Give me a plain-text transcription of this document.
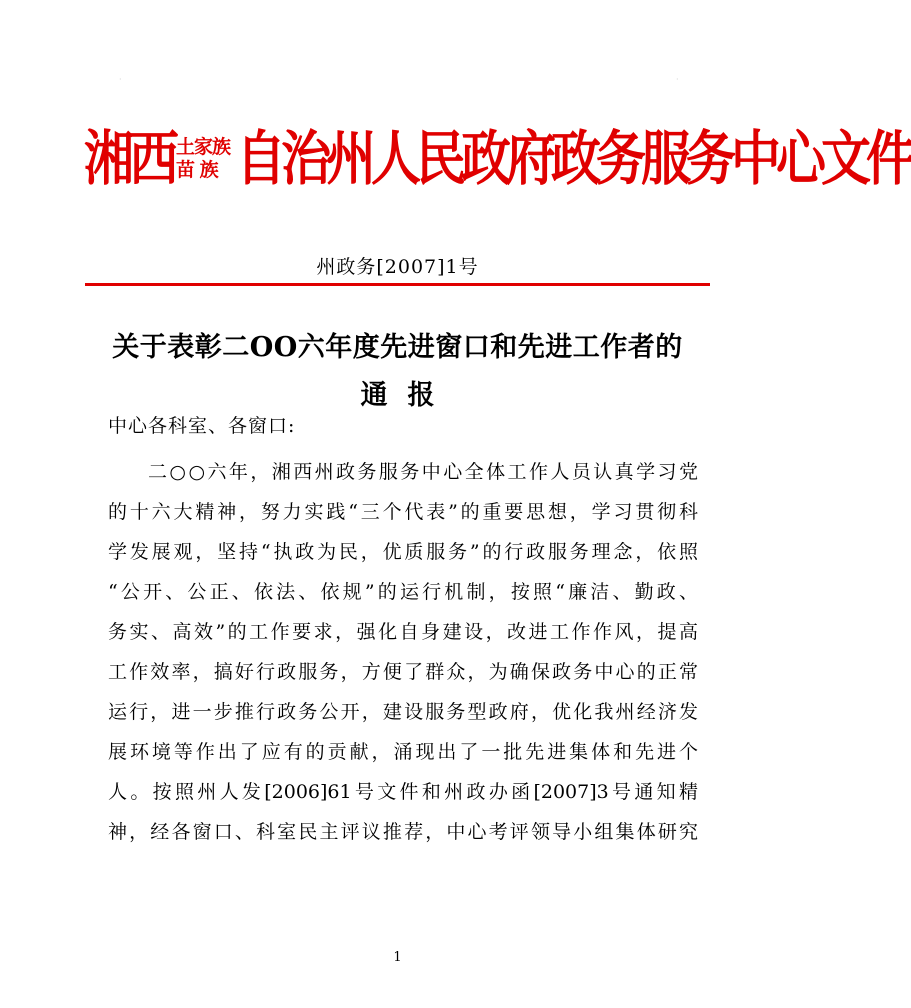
·	·
湘西 土家族
苗 族 自治州人民政府政务服务中心文件
州政务[2007]1号
关于表彰二OO六年度先进窗口和先进工作者的
通报
中心各科室、各窗口:
二○○六年，湘西州政务服务中心全体工作人员认真学习党
的十六大精神，努力实践“三个代表”的重要思想，学习贯彻科
学发展观，坚持“执政为民，优质服务”的行政服务理念，依照
“公开、公正、依法、依规”的运行机制，按照“廉洁、勤政、
务实、高效”的工作要求，强化自身建设，改进工作作风，提高
工作效率，搞好行政服务，方便了群众，为确保政务中心的正常
运行，进一步推行政务公开，建设服务型政府，优化我州经济发
展环境等作出了应有的贡献，涌现出了一批先进集体和先进个
人。按照州人发[2006]61号文件和州政办函[2007]3号通知精
神，经各窗口、科室民主评议推荐，中心考评领导小组集体研究
1
